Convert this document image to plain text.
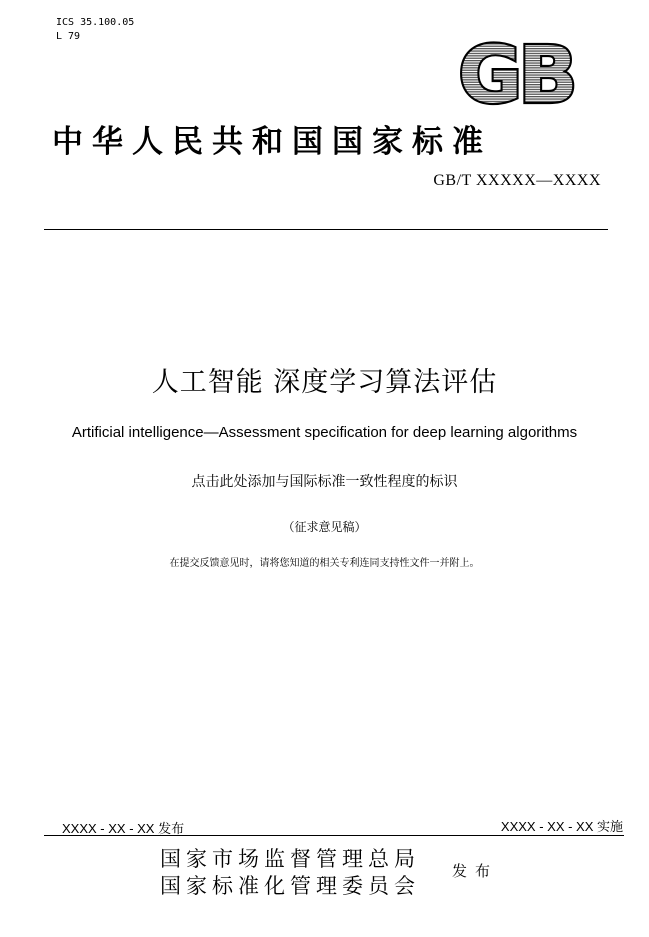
ICS 35.100.05
L 79	GB
中华人民共和国国家标准
GB/T XXXXX—XXXX
人工智能 深度学习算法评估
Artificial intelligence—Assessment specification for deep learning algorithms
点击此处添加与国际标准一致性程度的标识
（征求意见稿）
在提交反馈意见时，请将您知道的相关专利连同支持性文件一并附上。
XXXX - XX - XX 发布	XXXX - XX - XX 实施
国家市场监督管理总局
国家标准化管理委员会
发布
